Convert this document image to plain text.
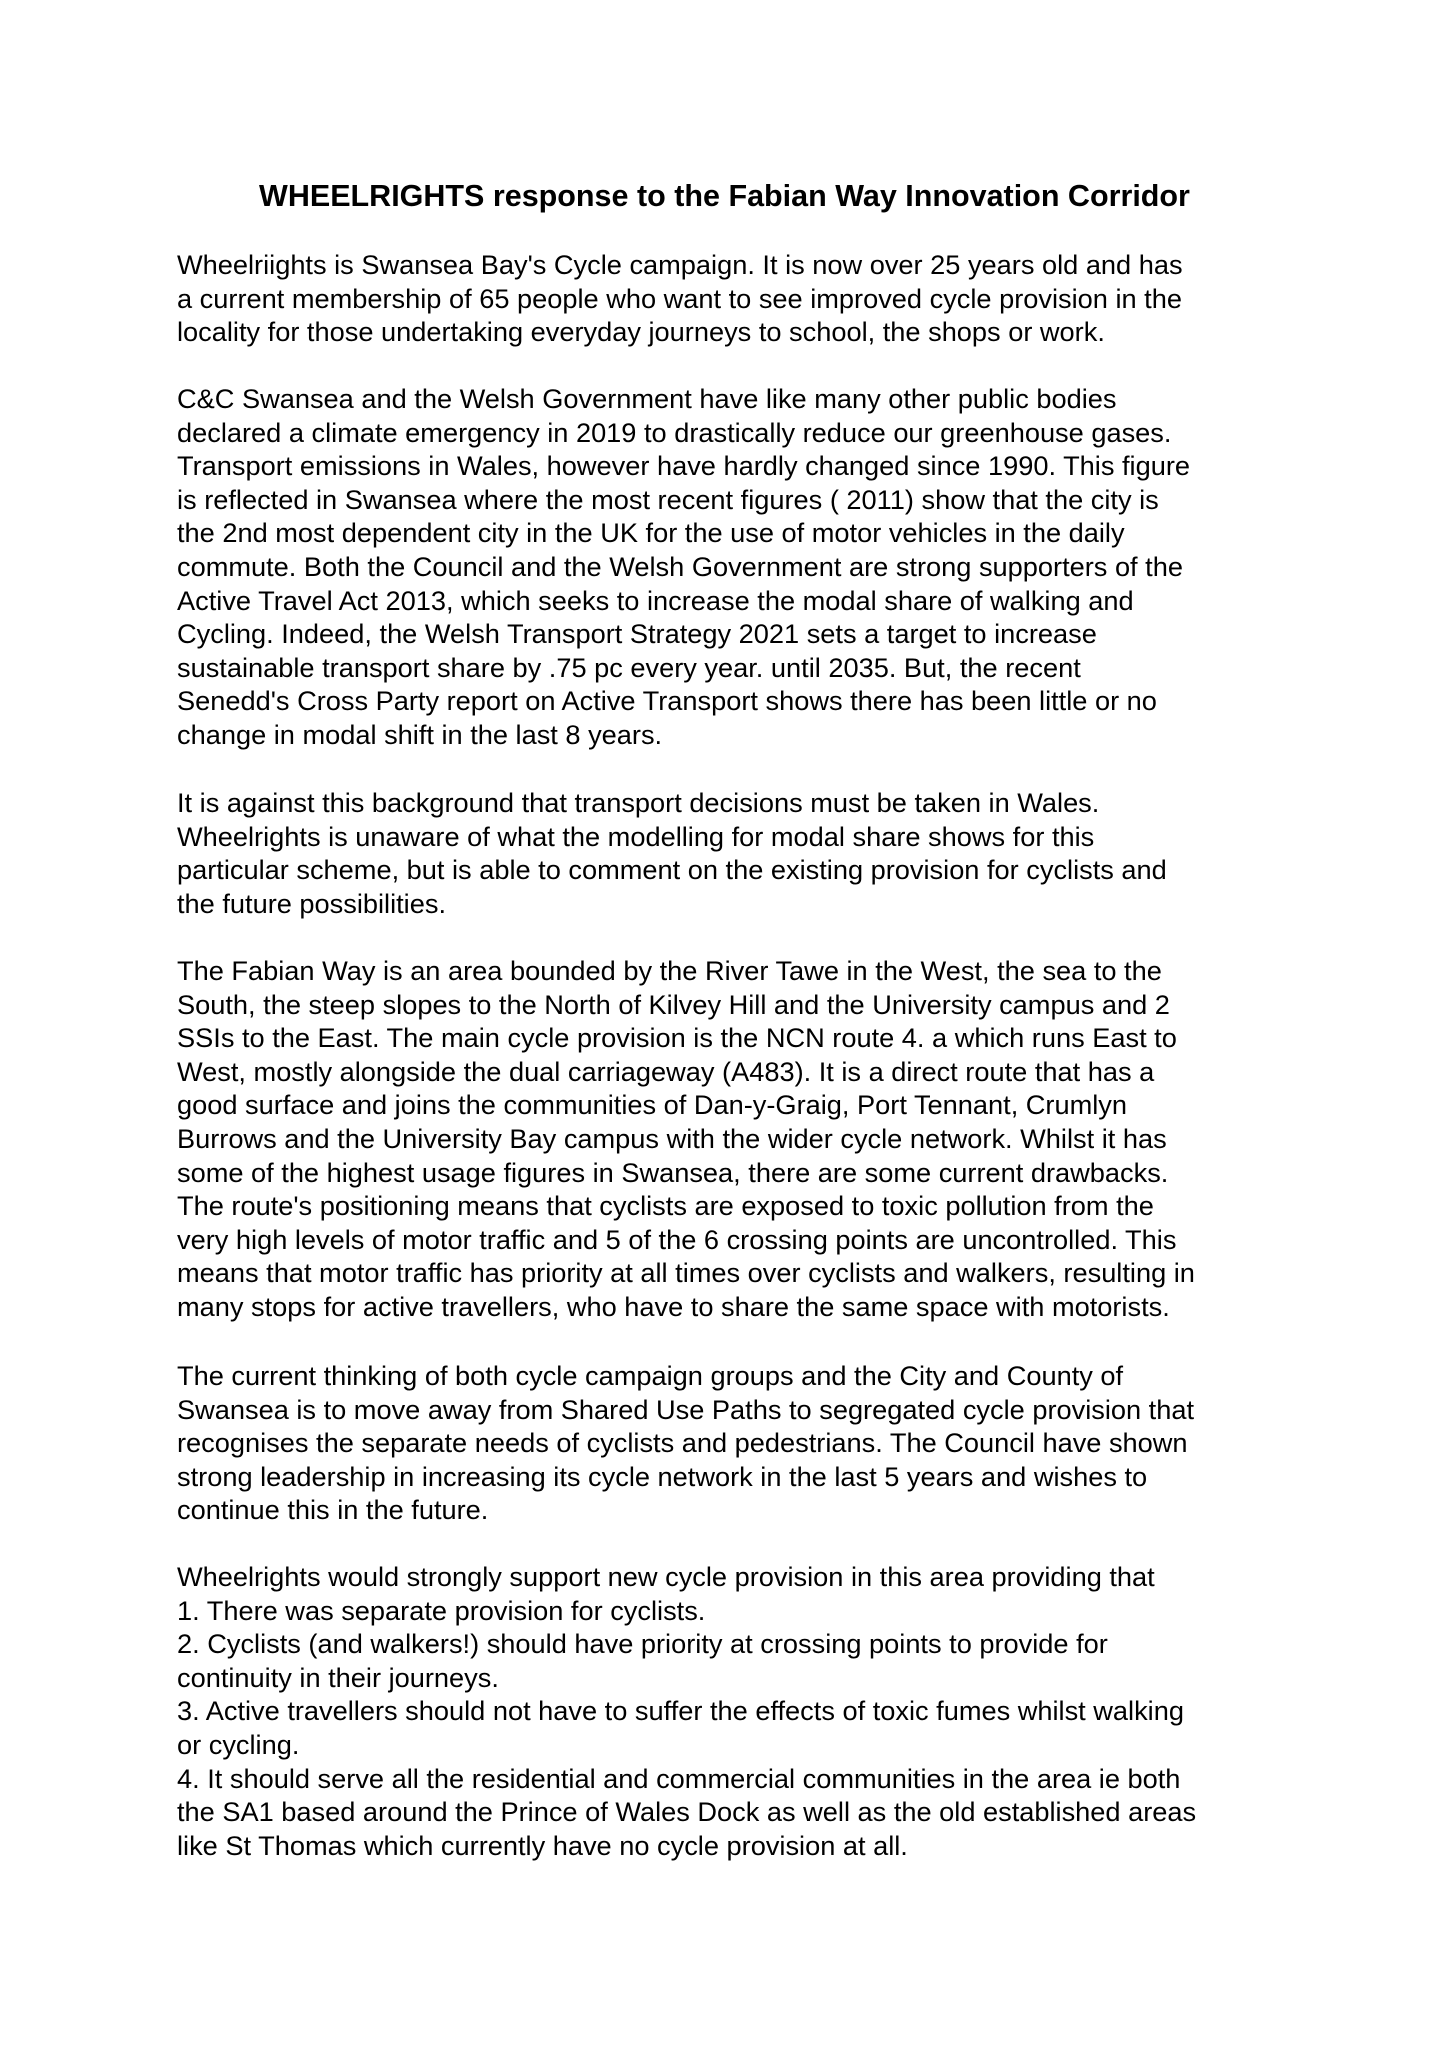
WHEELRIGHTS response to the Fabian Way Innovation Corridor

Wheelriights is Swansea Bay's Cycle campaign. It is now over 25 years old and has
a current membership of 65 people who want to see improved cycle provision in the
locality for those undertaking everyday journeys to school, the shops or work.

C&C Swansea and the Welsh Government have like many other public bodies
declared a climate emergency in 2019 to drastically reduce our greenhouse gases.
Transport emissions in Wales, however have hardly changed since 1990. This figure
is reflected in Swansea where the most recent figures ( 2011) show that the city is
the 2nd most dependent city in the UK for the use of motor vehicles in the daily
commute. Both the Council and the Welsh Government are strong supporters of the
Active Travel Act 2013, which seeks to increase the modal share of walking and
Cycling. Indeed, the Welsh Transport Strategy 2021 sets a target to increase
sustainable transport share by .75 pc every year. until 2035. But, the recent
Senedd's Cross Party report on Active Transport shows there has been little or no
change in modal shift in the last 8 years.

It is against this background that transport decisions must be taken in Wales.
Wheelrights is unaware of what the modelling for modal share shows for this
particular scheme, but is able to comment on the existing provision for cyclists and
the future possibilities.

The Fabian Way is an area bounded by the River Tawe in the West, the sea to the
South, the steep slopes to the North of Kilvey Hill and the University campus and 2
SSIs to the East. The main cycle provision is the NCN route 4. a which runs East to
West, mostly alongside the dual carriageway (A483). It is a direct route that has a
good surface and joins the communities of Dan-y-Graig, Port Tennant, Crumlyn
Burrows and the University Bay campus with the wider cycle network. Whilst it has
some of the highest usage figures in Swansea, there are some current drawbacks.
The route's positioning means that cyclists are exposed to toxic pollution from the
very high levels of motor traffic and 5 of the 6 crossing points are uncontrolled. This
means that motor traffic has priority at all times over cyclists and walkers, resulting in
many stops for active travellers, who have to share the same space with motorists.

The current thinking of both cycle campaign groups and the City and County of
Swansea is to move away from Shared Use Paths to segregated cycle provision that
recognises the separate needs of cyclists and pedestrians. The Council have shown
strong leadership in increasing its cycle network in the last 5 years and wishes to
continue this in the future.

Wheelrights would strongly support new cycle provision in this area providing that
1. There was separate provision for cyclists.
2. Cyclists (and walkers!) should have priority at crossing points to provide for
continuity in their journeys.
3. Active travellers should not have to suffer the effects of toxic fumes whilst walking
or cycling.
4. It should serve all the residential and commercial communities in the area ie both
the SA1 based around the Prince of Wales Dock as well as the old established areas
like St Thomas which currently have no cycle provision at all.
